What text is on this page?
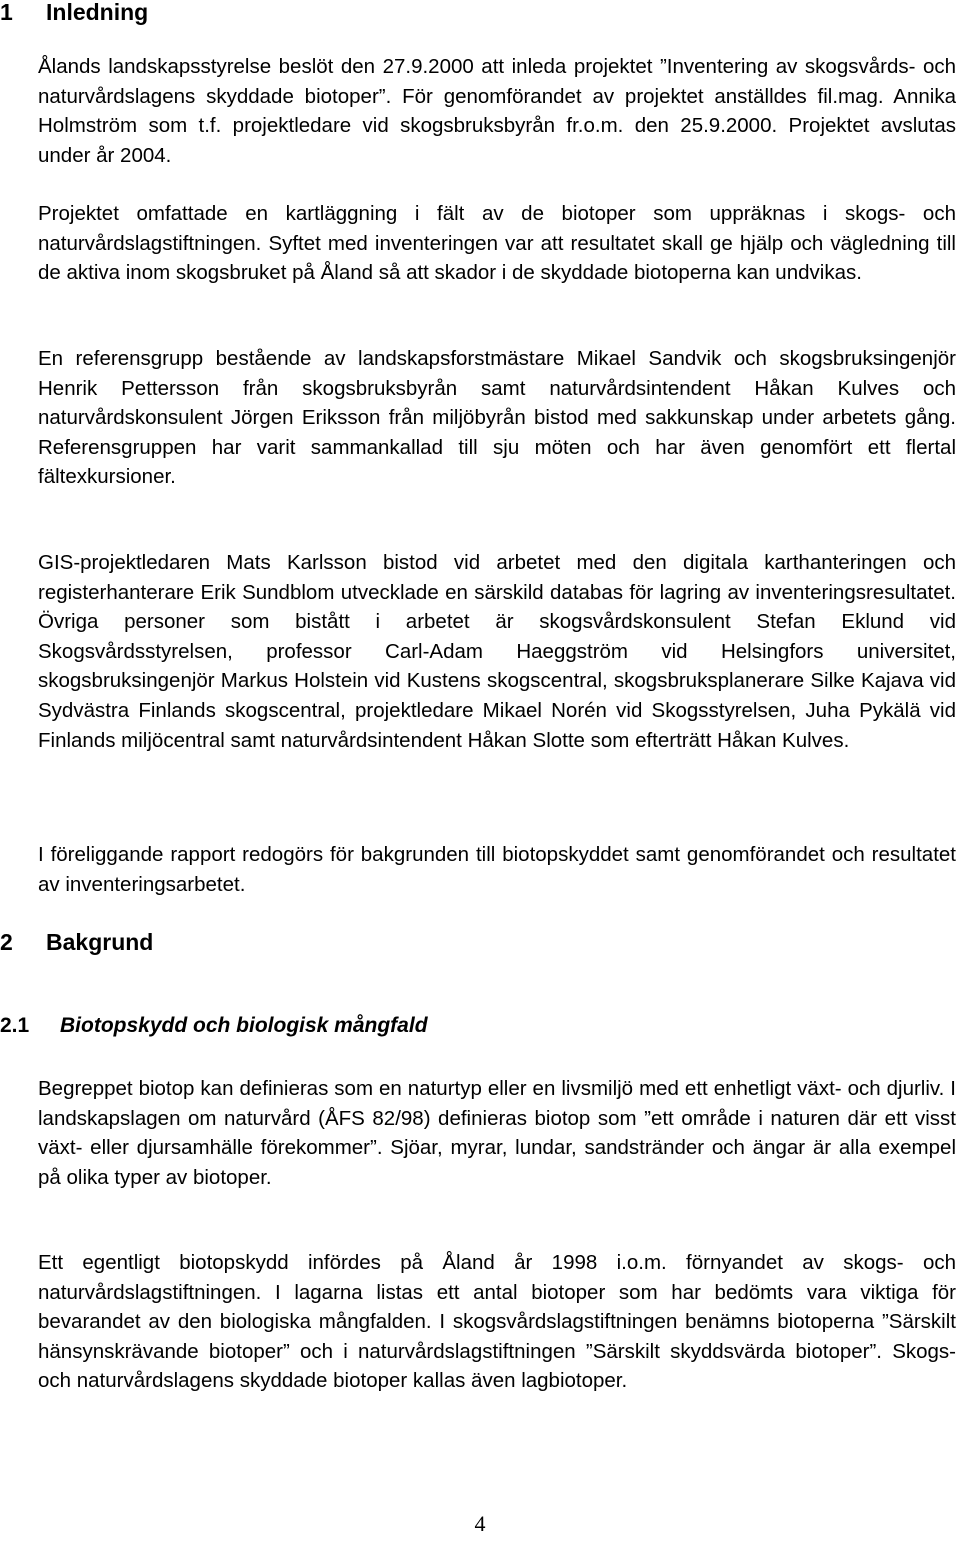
1 Inledning

Ålands landskapsstyrelse beslöt den 27.9.2000 att inleda projektet ”Inventering av skogsvårds- och naturvårdslagens skyddade biotoper”. För genomförandet av projektet anställdes fil.mag. Annika Holmström som t.f. projektledare vid skogsbruksbyrån fr.o.m. den 25.9.2000. Projektet avslutas under år 2004.

Projektet omfattade en kartläggning i fält av de biotoper som uppräknas i skogs- och naturvårdslagstiftningen. Syftet med inventeringen var att resultatet skall ge hjälp och vägledning till de aktiva inom skogsbruket på Åland så att skador i de skyddade biotoperna kan undvikas.

En referensgrupp bestående av landskapsforstmästare Mikael Sandvik och skogsbruksingenjör Henrik Pettersson från skogsbruksbyrån samt naturvårdsintendent Håkan Kulves och naturvårdskonsulent Jörgen Eriksson från miljöbyrån bistod med sakkunskap under arbetets gång. Referensgruppen har varit sammankallad till sju möten och har även genomfört ett flertal fältexkursioner.

GIS-projektledaren Mats Karlsson bistod vid arbetet med den digitala karthanteringen och registerhanterare Erik Sundblom utvecklade en särskild databas för lagring av inventeringsresultatet. Övriga personer som bistått i arbetet är skogsvårdskonsulent Stefan Eklund vid Skogsvårdsstyrelsen, professor Carl-Adam Haeggström vid Helsingfors universitet, skogsbruksingenjör Markus Holstein vid Kustens skogscentral, skogsbruksplanerare Silke Kajava vid Sydvästra Finlands skogscentral, projektledare Mikael Norén vid Skogsstyrelsen, Juha Pykälä vid Finlands miljöcentral samt naturvårdsintendent Håkan Slotte som efterträtt Håkan Kulves.

I föreliggande rapport redogörs för bakgrunden till biotopskyddet samt genomförandet och resultatet av inventeringsarbetet.

2 Bakgrund
2.1 Biotopskydd och biologisk mångfald

Begreppet biotop kan definieras som en naturtyp eller en livsmiljö med ett enhetligt växt- och djurliv. I landskapslagen om naturvård (ÅFS 82/98) definieras biotop som ”ett område i naturen där ett visst växt- eller djursamhälle förekommer”. Sjöar, myrar, lundar, sandstränder och ängar är alla exempel på olika typer av biotoper.

Ett egentligt biotopskydd infördes på Åland år 1998 i.o.m. förnyandet av skogs- och naturvårdslagstiftningen. I lagarna listas ett antal biotoper som har bedömts vara viktiga för bevarandet av den biologiska mångfalden. I skogsvårdslagstiftningen benämns biotoperna ”Särskilt hänsynskrävande biotoper” och i naturvårdslagstiftningen ”Särskilt skyddsvärda biotoper”. Skogs- och naturvårdslagens skyddade biotoper kallas även lagbiotoper.

4
